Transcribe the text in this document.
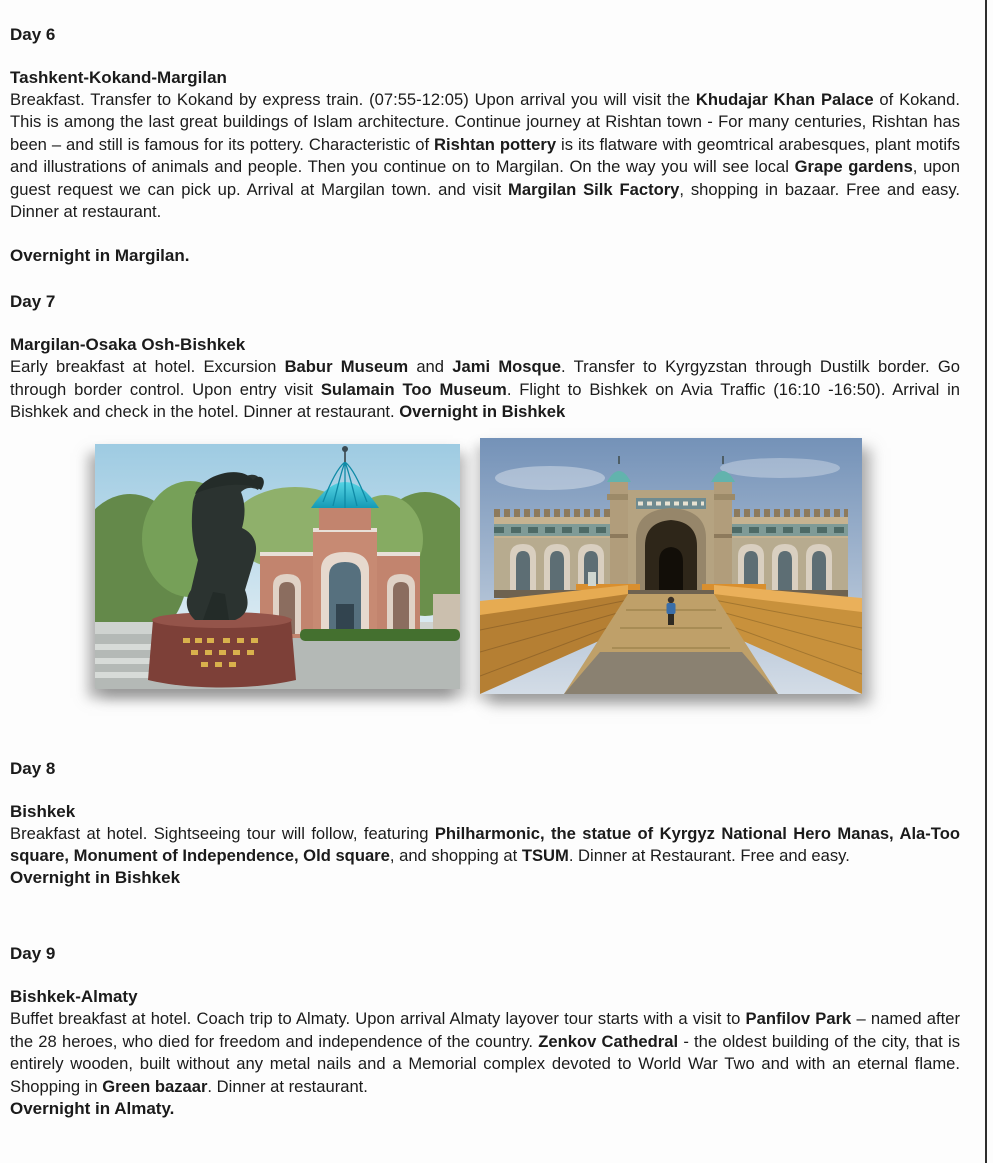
Day 6
Tashkent-Kokand-Margilan

Breakfast. Transfer to Kokand by express train. (07:55-12:05) Upon arrival you will visit the Khudajar Khan Palace of Kokand. This is among the last great buildings of Islam architecture. Continue journey at Rishtan town - For many centuries, Rishtan has been – and still is famous for its pottery. Characteristic of Rishtan pottery is its flatware with geomtrical arabesques, plant motifs and illustrations of animals and people. Then you continue on to Margilan. On the way you will see local Grape gardens, upon guest request we can pick up. Arrival at Margilan town. and visit Margilan Silk Factory, shopping in bazaar. Free and easy. Dinner at restaurant.

Overnight in Margilan.

Day 7
Margilan-Osaka Osh-Bishkek

Early breakfast at hotel. Excursion Babur Museum and Jami Mosque. Transfer to Kyrgyzstan through Dustilk border. Go through border control. Upon entry visit Sulamain Too Museum. Flight to Bishkek on Avia Traffic (16:10 -16:50). Arrival in Bishkek and check in the hotel. Dinner at restaurant. Overnight in Bishkek

Day 8
Bishkek

Breakfast at hotel. Sightseeing tour will follow, featuring Philharmonic, the statue of Kyrgyz National Hero Manas, Ala-Too square, Monument of Independence, Old square, and shopping at TSUM. Dinner at Restaurant. Free and easy.

Overnight in Bishkek

Day 9
Bishkek-Almaty

Buffet breakfast at hotel. Coach trip to Almaty. Upon arrival Almaty layover tour starts with a visit to Panfilov Park – named after the 28 heroes, who died for freedom and independence of the country. Zenkov Cathedral - the oldest building of the city, that is entirely wooden, built without any metal nails and a Memorial complex devoted to World War Two and with an eternal flame. Shopping in Green bazaar. Dinner at restaurant.

Overnight in Almaty.
